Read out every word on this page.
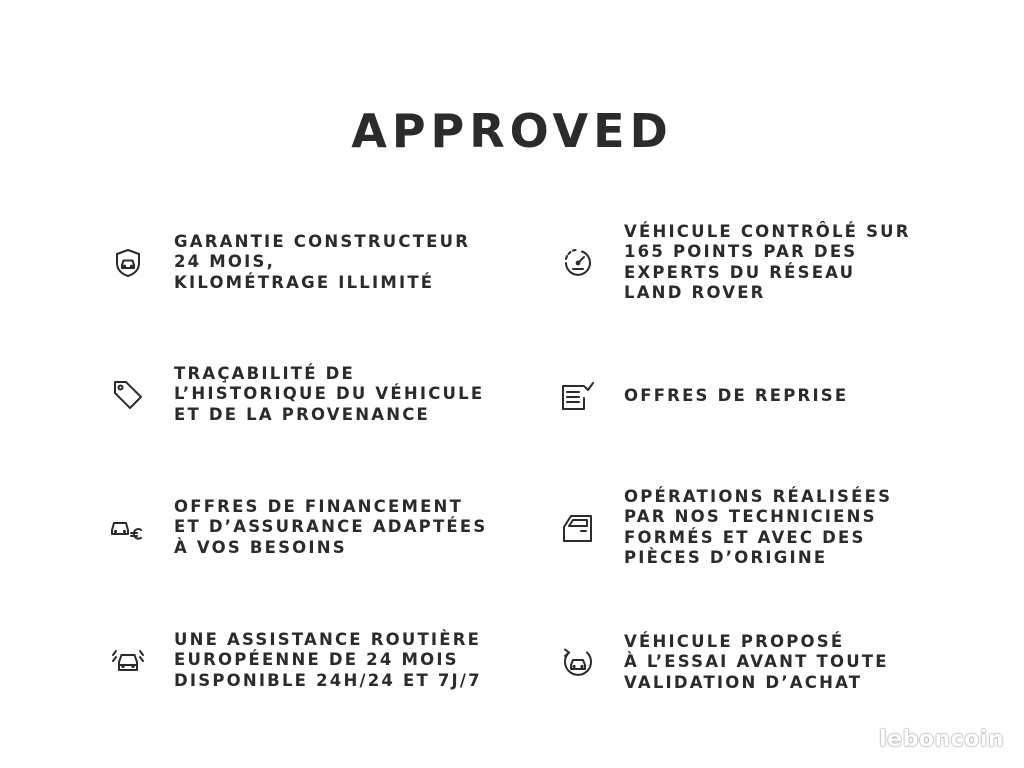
APPROVED
GARANTIE CONSTRUCTEUR
24 MOIS,
KILOMÉTRAGE ILLIMITÉ
TRAÇABILITÉ DE
L’HISTORIQUE DU VÉHICULE
ET DE LA PROVENANCE
OFFRES DE FINANCEMENT
ET D’ASSURANCE ADAPTÉES
À VOS BESOINS
UNE ASSISTANCE ROUTIÈRE
EUROPÉENNE DE 24 MOIS
DISPONIBLE 24H/24 ET 7J/7
VÉHICULE CONTRÔLÉ SUR
165 POINTS PAR DES
EXPERTS DU RÉSEAU
LAND ROVER
OFFRES DE REPRISE
OPÉRATIONS RÉALISÉES
PAR NOS TECHNICIENS
FORMÉS ET AVEC DES
PIÈCES D’ORIGINE
VÉHICULE PROPOSÉ
À L’ESSAI AVANT TOUTE
VALIDATION D’ACHAT
leboncoin
